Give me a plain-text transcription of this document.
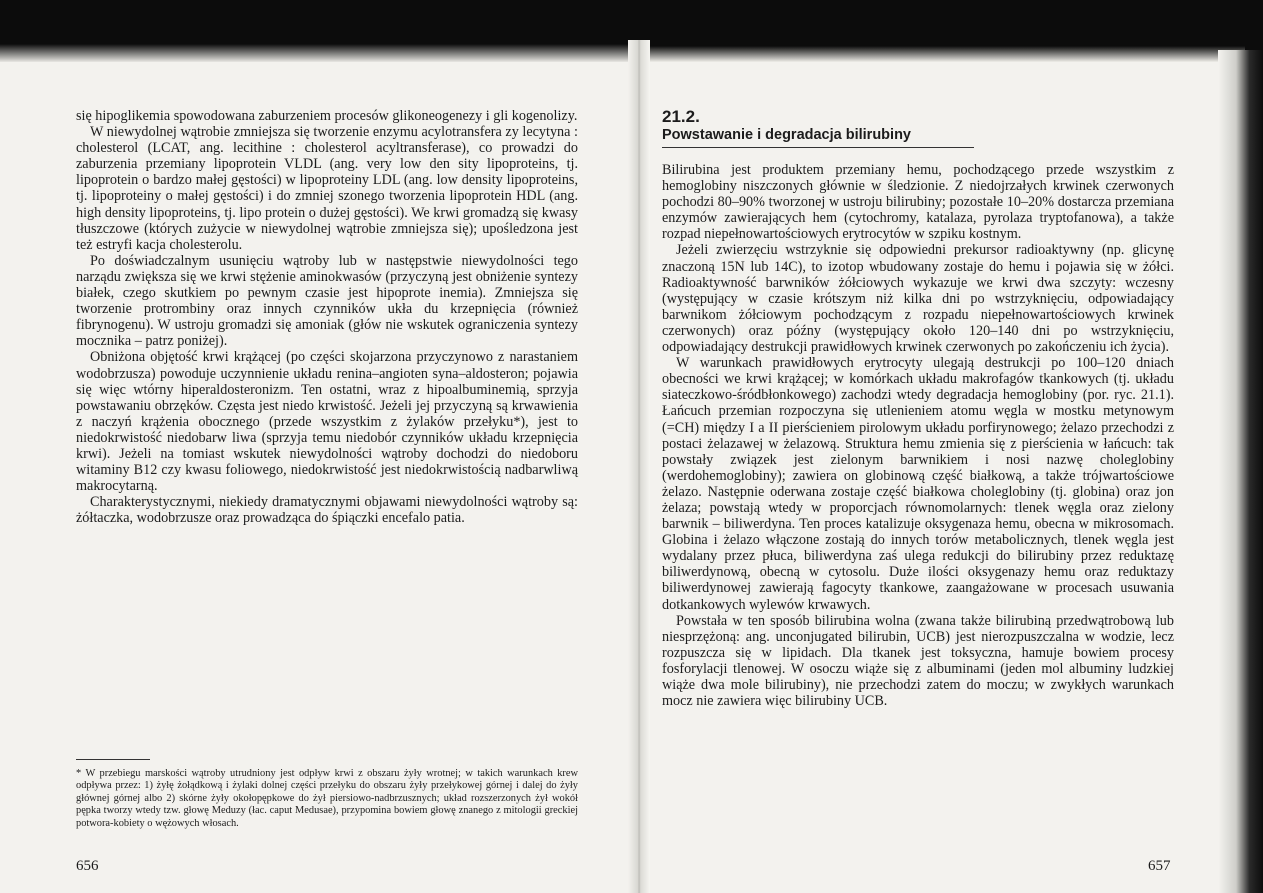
się hipoglikemia spowodowana zaburzeniem procesów glikoneogenezy i gli kogenolizy.

W niewydolnej wątrobie zmniejsza się tworzenie enzymu acylotransfera zy lecytyna : cholesterol (LCAT, ang. lecithine : cholesterol acyltransferase), co prowadzi do zaburzenia przemiany lipoprotein VLDL (ang. very low den sity lipoproteins, tj. lipoprotein o bardzo małej gęstości) w lipoproteiny LDL (ang. low density lipoproteins, tj. lipoproteiny o małej gęstości) i do zmniej szonego tworzenia lipoprotein HDL (ang. high density lipoproteins, tj. lipo protein o dużej gęstości). We krwi gromadzą się kwasy tłuszczowe (których zużycie w niewydolnej wątrobie zmniejsza się); upośledzona jest też estryfi kacja cholesterolu.

Po doświadczalnym usunięciu wątroby lub w następstwie niewydolności tego narządu zwiększa się we krwi stężenie aminokwasów (przyczyną jest obniżenie syntezy białek, czego skutkiem po pewnym czasie jest hipoprote inemia). Zmniejsza się tworzenie protrombiny oraz innych czynników ukła du krzepnięcia (również fibrynogenu). W ustroju gromadzi się amoniak (głów nie wskutek ograniczenia syntezy mocznika – patrz poniżej).

Obniżona objętość krwi krążącej (po części skojarzona przyczynowo z narastaniem wodobrzusza) powoduje uczynnienie układu renina–angioten syna–aldosteron; pojawia się więc wtórny hiperaldosteronizm. Ten ostatni, wraz z hipoalbuminemią, sprzyja powstawaniu obrzęków. Częsta jest niedo krwistość. Jeżeli jej przyczyną są krwawienia z naczyń krążenia obocznego (przede wszystkim z żylaków przełyku*), jest to niedokrwistość niedobarw liwa (sprzyja temu niedobór czynników układu krzepnięcia krwi). Jeżeli na tomiast wskutek niewydolności wątroby dochodzi do niedoboru witaminy B12 czy kwasu foliowego, niedokrwistość jest niedokrwistością nadbarwliwą makrocytarną.

Charakterystycznymi, niekiedy dramatycznymi objawami niewydolności wątroby są: żółtaczka, wodobrzusze oraz prowadząca do śpiączki encefalo patia.

* W przebiegu marskości wątroby utrudniony jest odpływ krwi z obszaru żyły wrotnej; w takich warunkach krew odpływa przez: 1) żyłę żołądkową i żylaki dolnej części przełyku do obszaru żyły przełykowej górnej i dalej do żyły głównej górnej albo 2) skórne żyły okołopępkowe do żył piersiowo-nadbrzusznych; układ rozszerzonych żył wokół pępka tworzy wtedy tzw. głowę Meduzy (łac. caput Medusae), przypomina bowiem głowę znanego z mitologii greckiej potwora-kobiety o wężowych włosach.
656
21.2.
Powstawanie i degradacja bilirubiny

Bilirubina jest produktem przemiany hemu, pochodzącego przede wszystkim z hemoglobiny niszczonych głównie w śledzionie. Z niedojrzałych krwinek czerwonych pochodzi 80–90% tworzonej w ustroju bilirubiny; pozostałe 10–20% dostarcza przemiana enzymów zawierających hem (cytochromy, katalaza, pyrolaza tryptofanowa), a także rozpad niepełnowartościowych erytrocytów w szpiku kostnym.

Jeżeli zwierzęciu wstrzyknie się odpowiedni prekursor radioaktywny (np. glicynę znaczoną 15N lub 14C), to izotop wbudowany zostaje do hemu i pojawia się w żółci. Radioaktywność barwników żółciowych wykazuje we krwi dwa szczyty: wczesny (występujący w czasie krótszym niż kilka dni po wstrzyknięciu, odpowiadający barwnikom żółciowym pochodzącym z rozpadu niepełnowartościowych krwinek czerwonych) oraz późny (występujący około 120–140 dni po wstrzyknięciu, odpowiadający destrukcji prawidłowych krwinek czerwonych po zakończeniu ich życia).

W warunkach prawidłowych erytrocyty ulegają destrukcji po 100–120 dniach obecności we krwi krążącej; w komórkach układu makrofagów tkankowych (tj. układu siateczkowo-śródbłonkowego) zachodzi wtedy degradacja hemoglobiny (por. ryc. 21.1). Łańcuch przemian rozpoczyna się utlenieniem atomu węgla w mostku metynowym (=CH) między I a II pierścieniem pirolowym układu porfirynowego; żelazo przechodzi z postaci żelazawej w żelazową. Struktura hemu zmienia się z pierścienia w łańcuch: tak powstały związek jest zielonym barwnikiem i nosi nazwę choleglobiny (werdohemoglobiny); zawiera on globinową część białkową, a także trójwartościowe żelazo. Następnie oderwana zostaje część białkowa choleglobiny (tj. globina) oraz jon żelaza; powstają wtedy w proporcjach równomolarnych: tlenek węgla oraz zielony barwnik – biliwerdyna. Ten proces katalizuje oksygenaza hemu, obecna w mikrosomach. Globina i żelazo włączone zostają do innych torów metabolicznych, tlenek węgla jest wydalany przez płuca, biliwerdyna zaś ulega redukcji do bilirubiny przez reduktazę biliwerdynową, obecną w cytosolu. Duże ilości oksygenazy hemu oraz reduktazy biliwerdynowej zawierają fagocyty tkankowe, zaangażowane w procesach usuwania dotkankowych wylewów krwawych.

Powstała w ten sposób bilirubina wolna (zwana także bilirubiną przedwątrobową lub niesprzężoną: ang. unconjugated bilirubin, UCB) jest nierozpuszczalna w wodzie, lecz rozpuszcza się w lipidach. Dla tkanek jest toksyczna, hamuje bowiem procesy fosforylacji tlenowej. W osoczu wiąże się z albuminami (jeden mol albuminy ludzkiej wiąże dwa mole bilirubiny), nie przechodzi zatem do moczu; w zwykłych warunkach mocz nie zawiera więc bilirubiny UCB.

657
